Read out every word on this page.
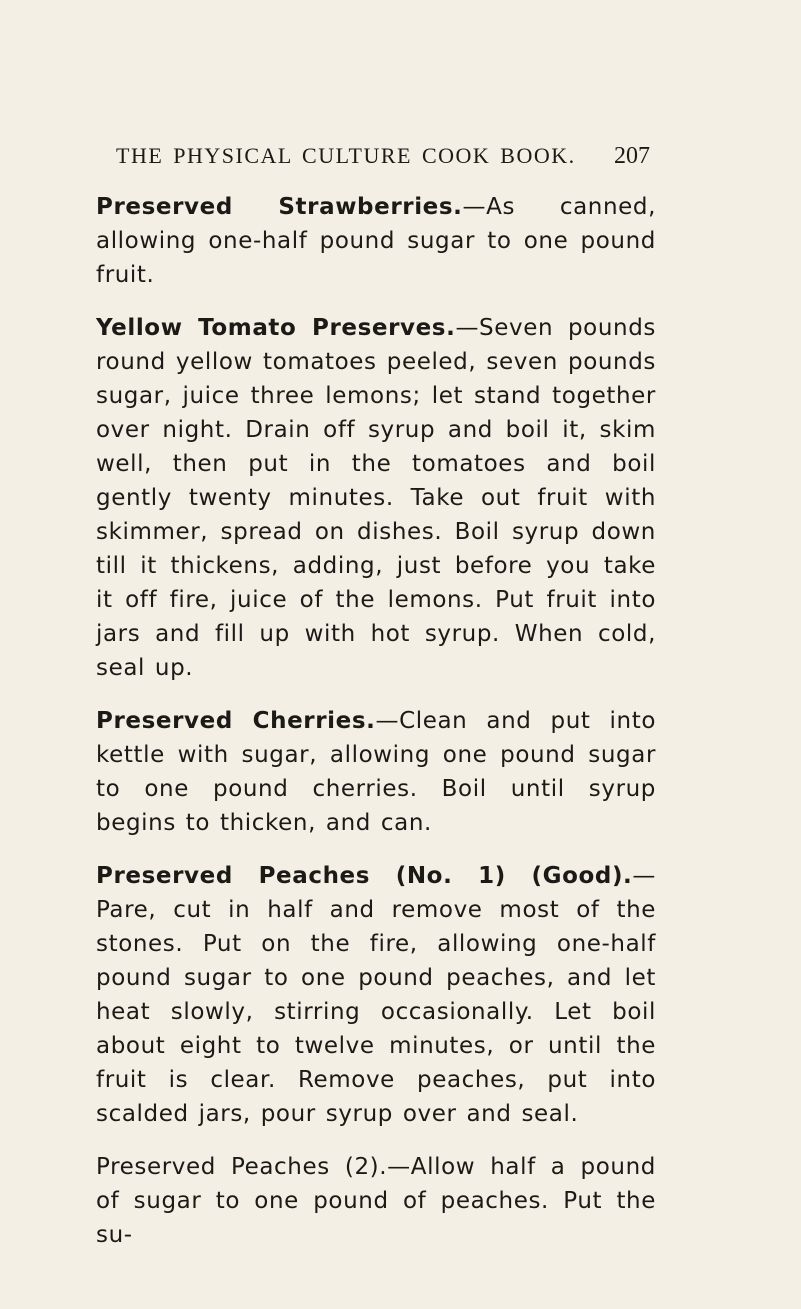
THE PHYSICAL CULTURE COOK BOOK. 207

Preserved Strawberries.—As canned, allowing one-half pound sugar to one pound fruit.

Yellow Tomato Preserves.—Seven pounds round yellow tomatoes peeled, seven pounds sugar, juice three lemons; let stand together over night. Drain off syrup and boil it, skim well, then put in the tomatoes and boil gently twenty minutes. Take out fruit with skimmer, spread on dishes. Boil syrup down till it thickens, adding, just before you take it off fire, juice of the lemons. Put fruit into jars and fill up with hot syrup. When cold, seal up.

Preserved Cherries.—Clean and put into kettle with sugar, allowing one pound sugar to one pound cherries. Boil until syrup begins to thicken, and can.

Preserved Peaches (No. 1) (Good).—Pare, cut in half and remove most of the stones. Put on the fire, allowing one-half pound sugar to one pound peaches, and let heat slowly, stirring occasionally. Let boil about eight to twelve minutes, or until the fruit is clear. Remove peaches, put into scalded jars, pour syrup over and seal.

Preserved Peaches (2).—Allow half a pound of sugar to one pound of peaches. Put the su-
